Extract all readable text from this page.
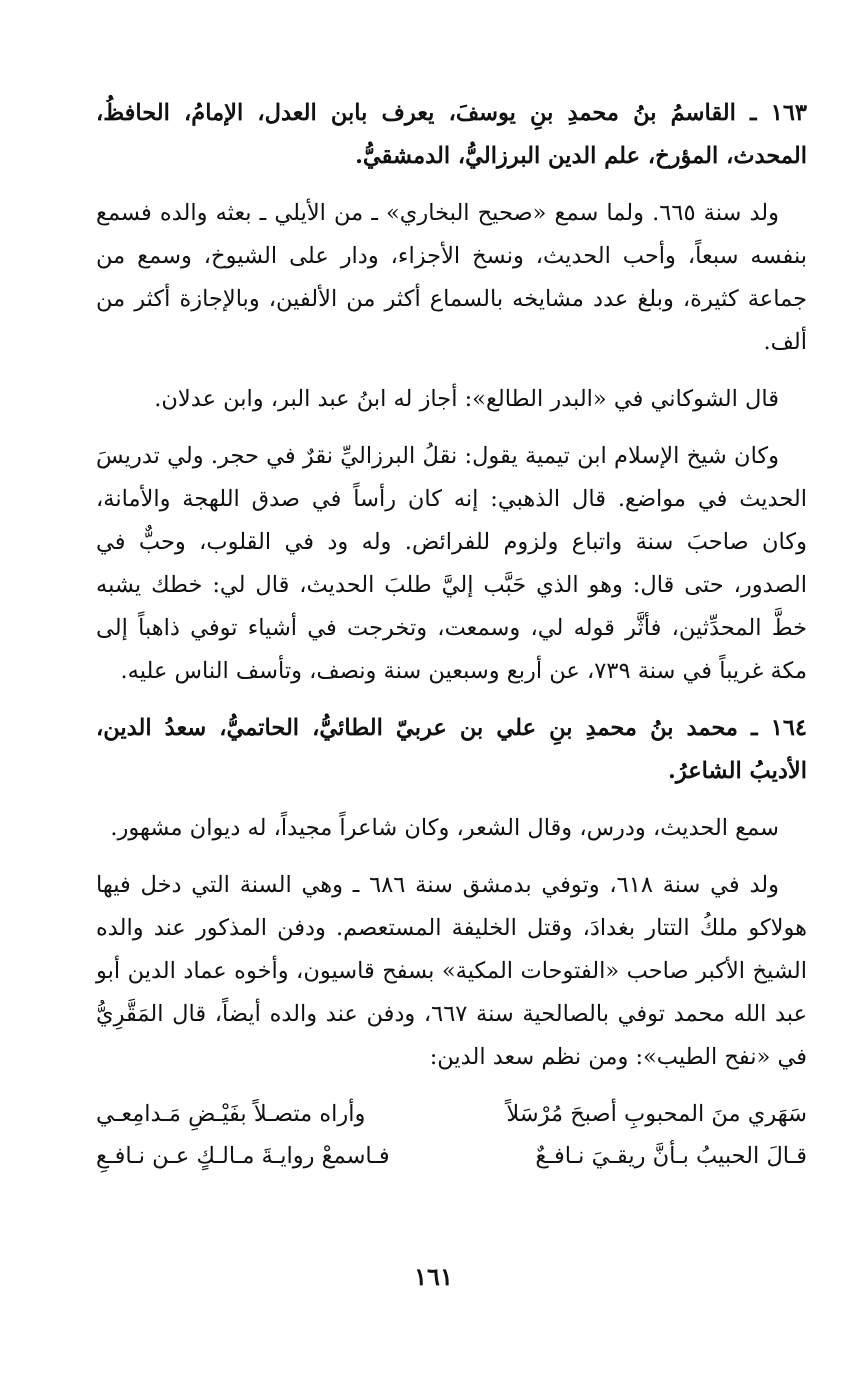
١٦٣ ـ القاسمُ بنُ محمدِ بنِ يوسفَ، يعرف بابن العدل، الإمامُ، الحافظُ، المحدث، المؤرخ، علم الدين البرزاليُّ، الدمشقيُّ.

ولد سنة ٦٦٥. ولما سمع «صحيح البخاري» ـ من الأيلي ـ بعثه والده فسمع بنفسه سبعاً، وأحب الحديث، ونسخ الأجزاء، ودار على الشيوخ، وسمع من جماعة كثيرة، وبلغ عدد مشايخه بالسماع أكثر من الألفين، وبالإجازة أكثر من ألف.

قال الشوكاني في «البدر الطالع»: أجاز له ابنُ عبد البر، وابن عدلان.

وكان شيخ الإسلام ابن تيمية يقول: نقلُ البرزاليِّ نقرٌ في حجر. ولي تدريسَ الحديث في مواضع. قال الذهبي: إنه كان رأساً في صدق اللهجة والأمانة، وكان صاحبَ سنة واتباع ولزوم للفرائض. وله ود في القلوب، وحبٌّ في الصدور، حتى قال: وهو الذي حَبَّب إليَّ طلبَ الحديث، قال لي: خطك يشبه خطَّ المحدِّثين، فأثَّر قوله لي، وسمعت، وتخرجت في أشياء توفي ذاهباً إلى مكة غريباً في سنة ٧٣٩، عن أربع وسبعين سنة ونصف، وتأسف الناس عليه.

١٦٤ ـ محمد بنُ محمدِ بنِ علي بن عربيّ الطائيُّ، الحاتميُّ، سعدُ الدين، الأديبُ الشاعرُ.

سمع الحديث، ودرس، وقال الشعر، وكان شاعراً مجيداً، له ديوان مشهور.

ولد في سنة ٦١٨، وتوفي بدمشق سنة ٦٨٦ ـ وهي السنة التي دخل فيها هولاكو ملكُ التتار بغدادَ، وقتل الخليفة المستعصم. ودفن المذكور عند والده الشيخ الأكبر صاحب «الفتوحات المكية» بسفح قاسيون، وأخوه عماد الدين أبو عبد الله محمد توفي بالصالحية سنة ٦٦٧، ودفن عند والده أيضاً، قال المَقَّرِيُّ في «نفح الطيب»: ومن نظم سعد الدين:

سَهَري منَ المحبوبِ أصبحَ مُرْسَلاً
وأراه متصـلاً بفَيْـضِ مَـدامِعـي
قـالَ الحبيبُ بـأنَّ ريقـيَ نـافـعٌ
فـاسمعْ روايـةَ مـالـكٍ عـن نـافـعِ
١٦١
